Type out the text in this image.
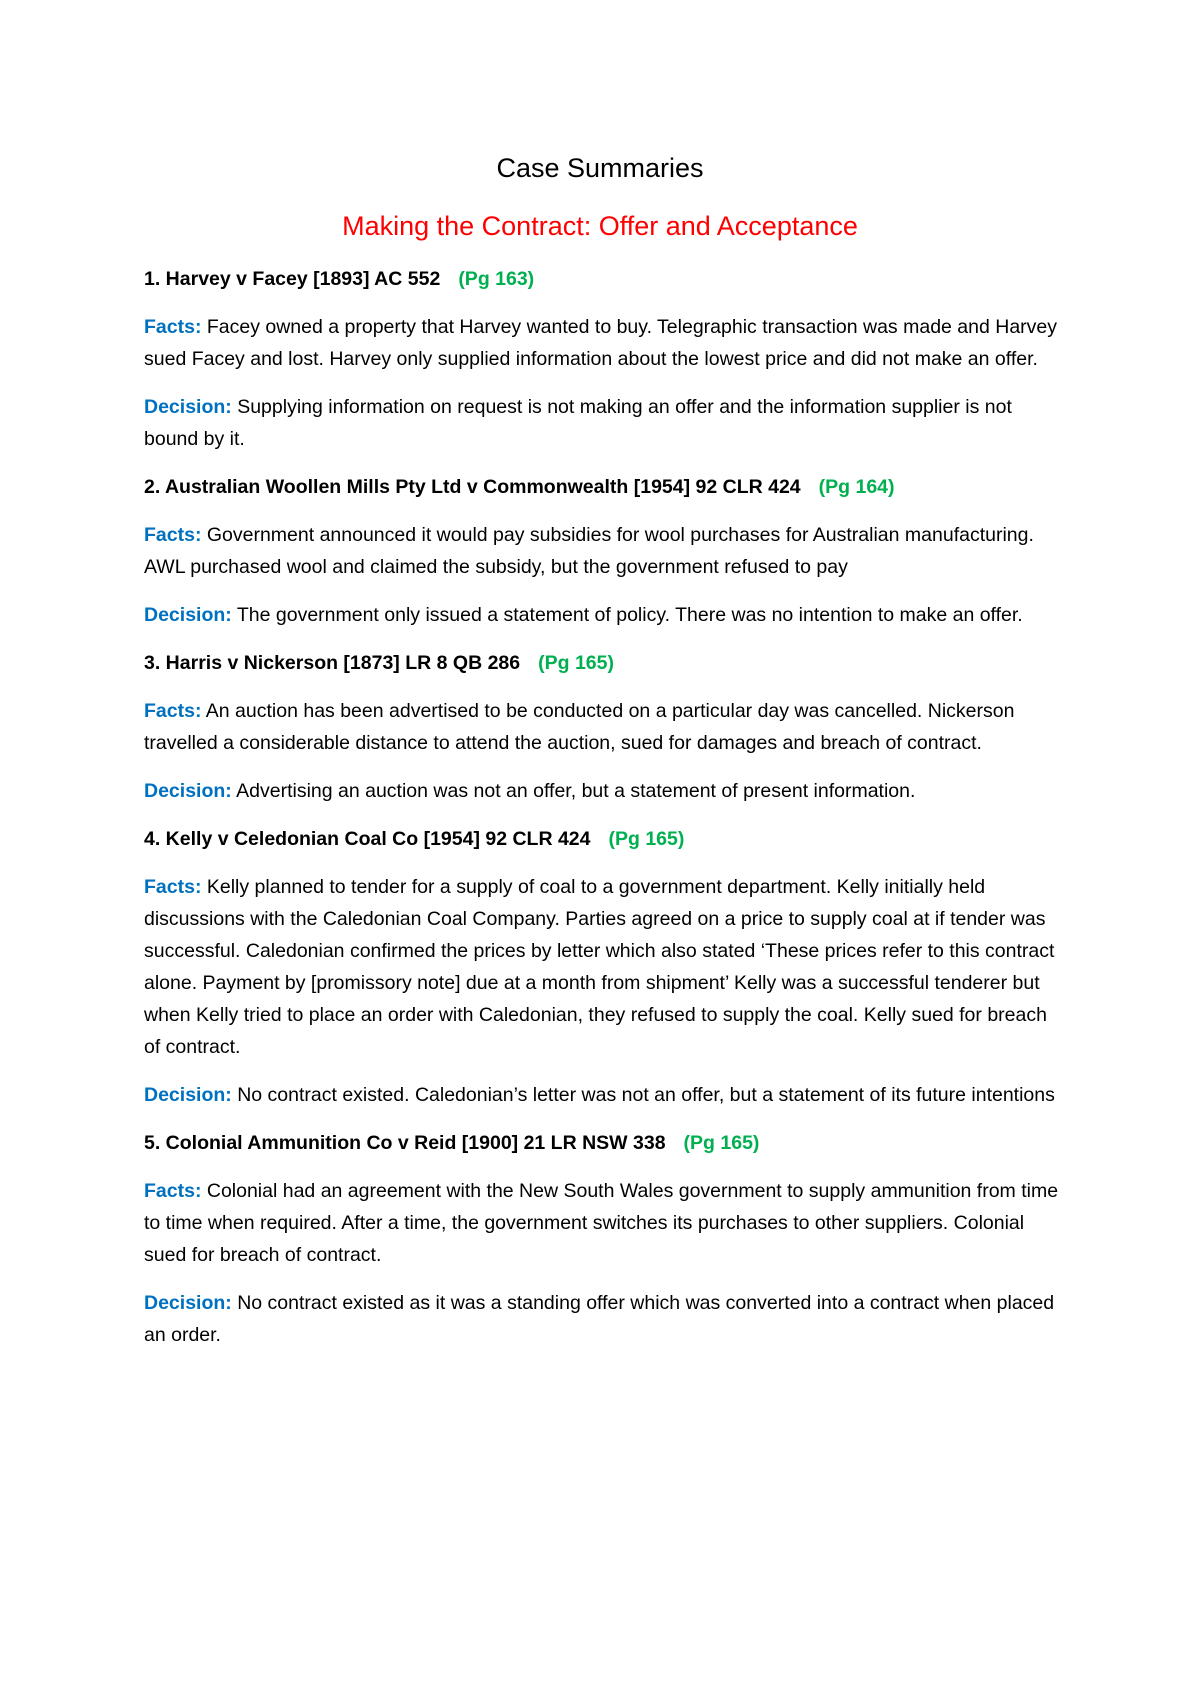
Case Summaries
Making the Contract: Offer and Acceptance

1. Harvey v Facey [1893] AC 552 (Pg 163)

Facts: Facey owned a property that Harvey wanted to buy. Telegraphic transaction was made and Harvey sued Facey and lost. Harvey only supplied information about the lowest price and did not make an offer.

Decision: Supplying information on request is not making an offer and the information supplier is not bound by it.

2. Australian Woollen Mills Pty Ltd v Commonwealth [1954] 92 CLR 424 (Pg 164)

Facts: Government announced it would pay subsidies for wool purchases for Australian manufacturing. AWL purchased wool and claimed the subsidy, but the government refused to pay

Decision: The government only issued a statement of policy. There was no intention to make an offer.

3. Harris v Nickerson [1873] LR 8 QB 286 (Pg 165)

Facts: An auction has been advertised to be conducted on a particular day was cancelled. Nickerson travelled a considerable distance to attend the auction, sued for damages and breach of contract.

Decision: Advertising an auction was not an offer, but a statement of present information.

4. Kelly v Celedonian Coal Co [1954] 92 CLR 424 (Pg 165)

Facts: Kelly planned to tender for a supply of coal to a government department. Kelly initially held discussions with the Caledonian Coal Company. Parties agreed on a price to supply coal at if tender was successful. Caledonian confirmed the prices by letter which also stated ‘These prices refer to this contract alone. Payment by [promissory note] due at a month from shipment’ Kelly was a successful tenderer but when Kelly tried to place an order with Caledonian, they refused to supply the coal. Kelly sued for breach of contract.

Decision: No contract existed. Caledonian’s letter was not an offer, but a statement of its future intentions

5. Colonial Ammunition Co v Reid [1900] 21 LR NSW 338 (Pg 165)

Facts: Colonial had an agreement with the New South Wales government to supply ammunition from time to time when required. After a time, the government switches its purchases to other suppliers. Colonial sued for breach of contract.

Decision: No contract existed as it was a standing offer which was converted into a contract when placed an order.
